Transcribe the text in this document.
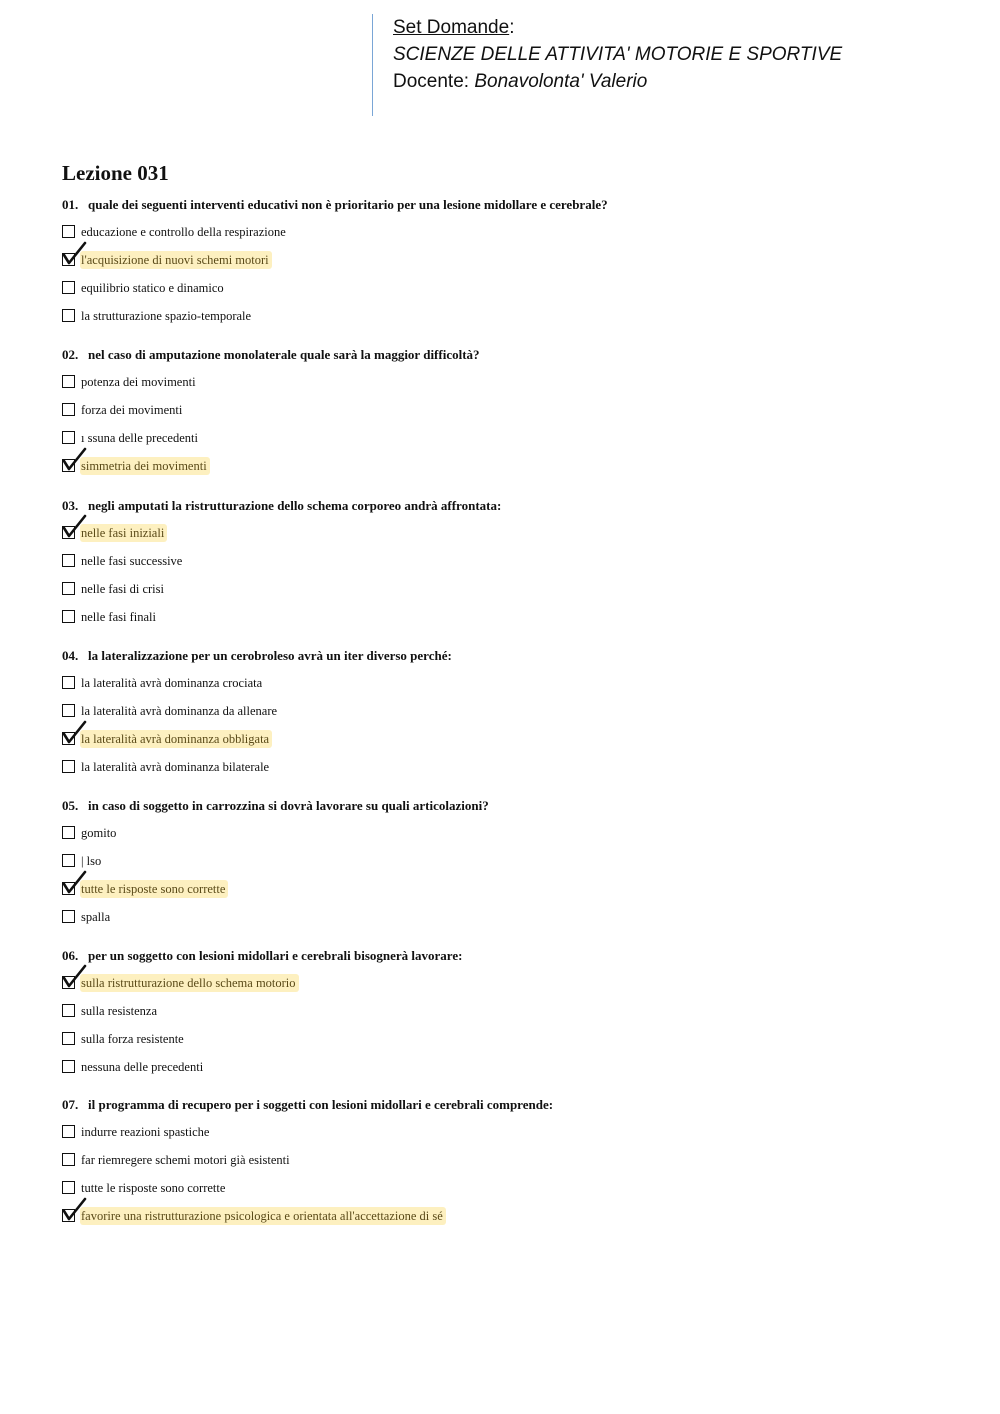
Set Domande:
SCIENZE DELLE ATTIVITA' MOTORIE E SPORTIVE
Docente: Bonavolonta' Valerio
Lezione 031
01. quale dei seguenti interventi educativi non è prioritario per una lesione midollare e cerebrale?
educazione e controllo della respirazione
l'acquisizione di nuovi schemi motori
equilibrio statico e dinamico
la strutturazione spazio-temporale
02. nel caso di amputazione monolaterale quale sarà la maggior difficoltà?
potenza dei movimenti
forza dei movimenti
ı ssuna delle precedenti
simmetria dei movimenti
03. negli amputati la ristrutturazione dello schema corporeo andrà affrontata:
nelle fasi iniziali
nelle fasi successive
nelle fasi di crisi
nelle fasi finali
04. la lateralizzazione per un cerobroleso avrà un iter diverso perché:
la lateralità avrà dominanza crociata
la lateralità avrà dominanza da allenare
la lateralità avrà dominanza obbligata
la lateralità avrà dominanza bilaterale
05. in caso di soggetto in carrozzina si dovrà lavorare su quali articolazioni?
gomito
| lso
tutte le risposte sono corrette
spalla
06. per un soggetto con lesioni midollari e cerebrali bisognerà lavorare:
sulla ristrutturazione dello schema motorio
sulla resistenza
sulla forza resistente
nessuna delle precedenti
07. il programma di recupero per i soggetti con lesioni midollari e cerebrali comprende:
indurre reazioni spastiche
far riemregere schemi motori già esistenti
tutte le risposte sono corrette
favorire una ristrutturazione psicologica e orientata all'accettazione di sé
